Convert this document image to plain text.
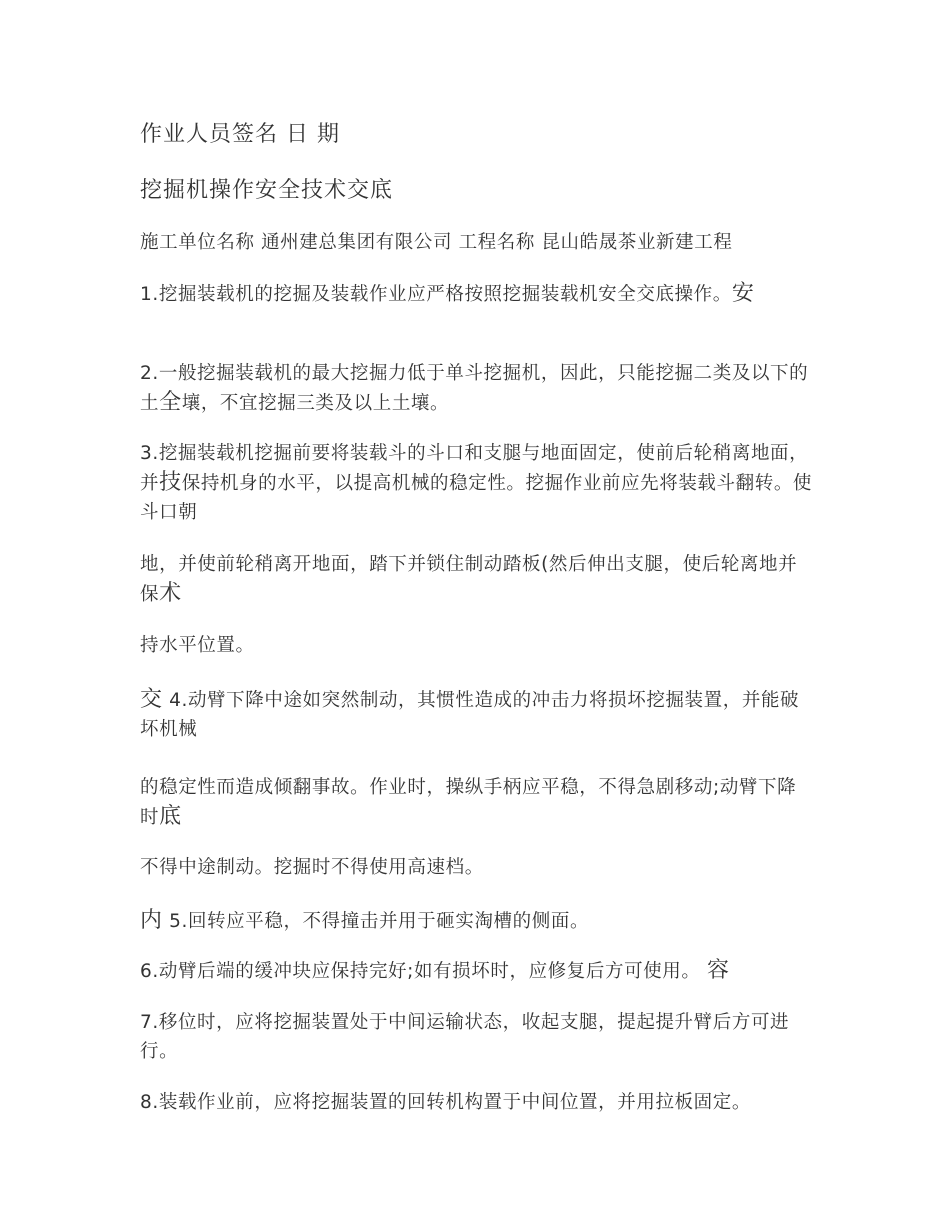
作业人员签名 日 期

挖掘机操作安全技术交底

施工单位名称 通州建总集团有限公司 工程名称 昆山皓晟茶业新建工程

1.挖掘装载机的挖掘及装载作业应严格按照挖掘装载机安全交底操作。安

2.一般挖掘装载机的最大挖掘力低于单斗挖掘机，因此，只能挖掘二类及以下的土全壤，不宜挖掘三类及以上土壤。

3.挖掘装载机挖掘前要将装载斗的斗口和支腿与地面固定，使前后轮稍离地面，并技保持机身的水平，以提高机械的稳定性。挖掘作业前应先将装载斗翻转。使斗口朝

地，并使前轮稍离开地面，踏下并锁住制动踏板(然后伸出支腿，使后轮离地并保术

持水平位置。

交 4.动臂下降中途如突然制动，其惯性造成的冲击力将损坏挖掘装置，并能破坏机械

的稳定性而造成倾翻事故。作业时，操纵手柄应平稳，不得急剧移动;动臂下降时底

不得中途制动。挖掘时不得使用高速档。

内 5.回转应平稳，不得撞击并用于砸实淘槽的侧面。

6.动臂后端的缓冲块应保持完好;如有损坏时，应修复后方可使用。 容

7.移位时，应将挖掘装置处于中间运输状态，收起支腿，提起提升臂后方可进行。

8.装载作业前，应将挖掘装置的回转机构置于中间位置，并用拉板固定。
